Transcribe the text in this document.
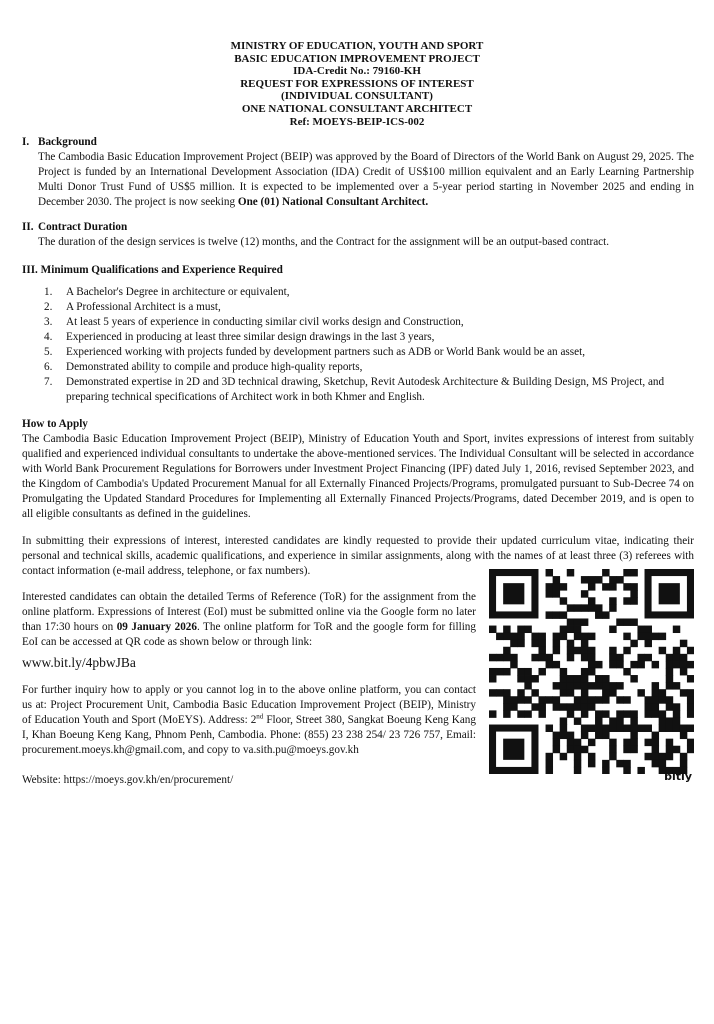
MINISTRY OF EDUCATION, YOUTH AND SPORT
BASIC EDUCATION IMPROVEMENT PROJECT
IDA-Credit No.: 79160-KH
REQUEST FOR EXPRESSIONS OF INTEREST
(INDIVIDUAL CONSULTANT)
ONE NATIONAL CONSULTANT ARCHITECT
Ref: MOEYS-BEIP-ICS-002
I. Background
The Cambodia Basic Education Improvement Project (BEIP) was approved by the Board of Directors of the World Bank on August 29, 2025. The Project is funded by an International Development Association (IDA) Credit of US$100 million equivalent and an Early Learning Partnership Multi Donor Trust Fund of US$5 million. It is expected to be implemented over a 5-year period starting in November 2025 and ending in December 2030. The project is now seeking One (01) National Consultant Architect.
II. Contract Duration
The duration of the design services is twelve (12) months, and the Contract for the assignment will be an output-based contract.
III. Minimum Qualifications and Experience Required
1. A Bachelor's Degree in architecture or equivalent,
2. A Professional Architect is a must,
3. At least 5 years of experience in conducting similar civil works design and Construction,
4. Experienced in producing at least three similar design drawings in the last 3 years,
5. Experienced working with projects funded by development partners such as ADB or World Bank would be an asset,
6. Demonstrated ability to compile and produce high-quality reports,
7. Demonstrated expertise in 2D and 3D technical drawing, Sketchup, Revit Autodesk Architecture & Building Design, MS Project, and preparing technical specifications of Architect work in both Khmer and English.
How to Apply
The Cambodia Basic Education Improvement Project (BEIP), Ministry of Education Youth and Sport, invites expressions of interest from suitably qualified and experienced individual consultants to undertake the above-mentioned services. The Individual Consultant will be selected in accordance with World Bank Procurement Regulations for Borrowers under Investment Project Financing (IPF) dated July 1, 2016, revised September 2023, and the Kingdom of Cambodia's Updated Procurement Manual for all Externally Financed Projects/Programs, promulgated pursuant to Sub-Decree 74 on Promulgating the Updated Standard Procedures for Implementing all Externally Financed Projects/Programs, dated December 2019, and is open to all eligible consultants as defined in the guidelines.
In submitting their expressions of interest, interested candidates are kindly requested to provide their updated curriculum vitae, indicating their personal and technical skills, academic qualifications, and experience in similar assignments, along with the names of at least three (3) referees with contact information (e-mail address, telephone, or fax numbers).
Interested candidates can obtain the detailed Terms of Reference (ToR) for the assignment from the online platform. Expressions of Interest (EoI) must be submitted online via the Google form no later than 17:30 hours on 09 January 2026. The online platform for ToR and the google form for filling EoI can be accessed at QR code as shown below or through link:
www.bit.ly/4pbwJBa
For further inquiry how to apply or you cannot log in to the above online platform, you can contact us at: Project Procurement Unit, Cambodia Basic Education Improvement Project (BEIP), Ministry of Education Youth and Sport (MoEYS). Address: 2nd Floor, Street 380, Sangkat Boeung Keng Kang I, Khan Boeung Keng Kang, Phnom Penh, Cambodia. Phone: (855) 23 238 254/ 23 726 757, Email: procurement.moeys.kh@gmail.com, and copy to va.sith.pu@moeys.gov.kh
Website: https://moeys.gov.kh/en/procurement/	bitly
